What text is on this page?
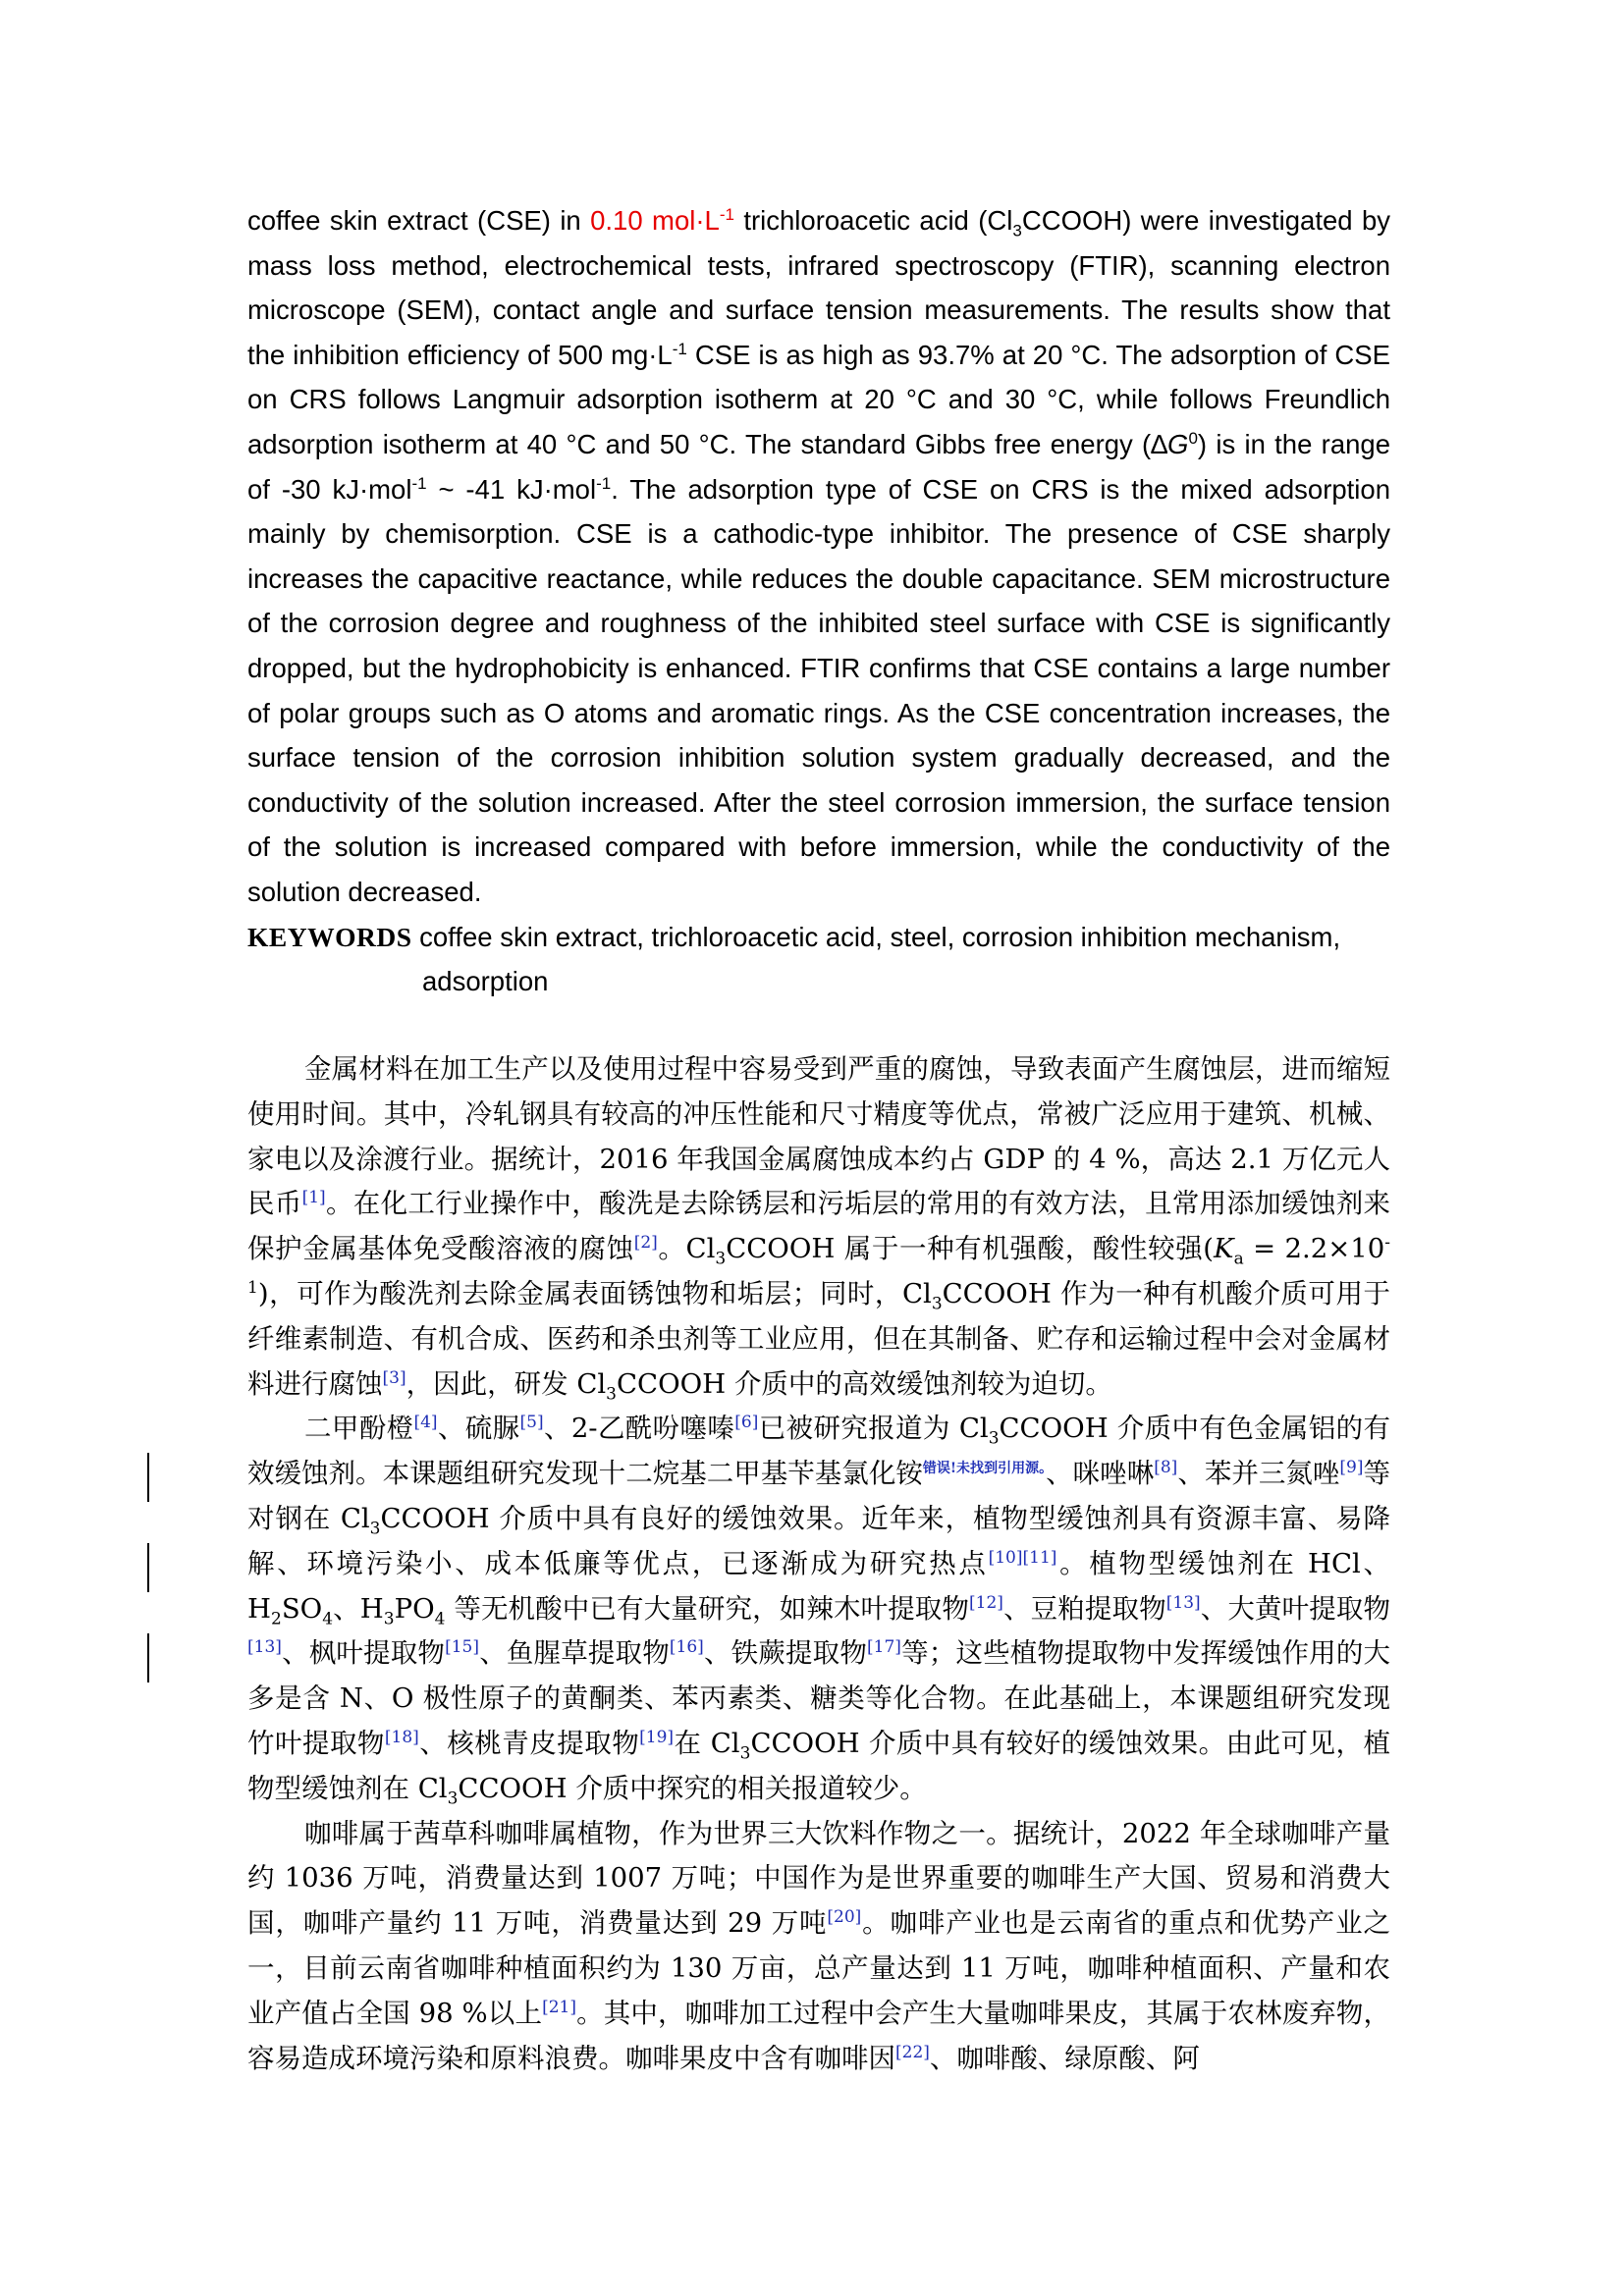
coffee skin extract (CSE) in 0.10 $mol\cdot L^{-1}$ trichloroacetic acid $(Cl_3CCOOH)$ were investigated by mass loss method, electrochemical tests, infrared spectroscopy (FTIR), scanning electron microscope (SEM), contact angle and surface tension measurements. The results show that the inhibition efficiency of 500 $mg\cdot L^{-1}$ CSE is as high as 93.7% at 20 °C. The adsorption of CSE on CRS follows Langmuir adsorption isotherm at 20 °C and 30 °C, while follows Freundlich adsorption isotherm at 40 °C and 50 °C. The standard Gibbs free energy $(\Delta G^0)$ is in the range of -30 kJ·mol$^{-1}$ ~ -41 kJ·mol$^{-1}$. The adsorption type of CSE on CRS is the mixed adsorption mainly by chemisorption. CSE is a cathodic-type inhibitor. The presence of CSE sharply increases the capacitive reactance, while reduces the double capacitance. SEM microstructure of the corrosion degree and roughness of the inhibited steel surface with CSE is significantly dropped, but the hydrophobicity is enhanced. FTIR confirms that CSE contains a large number of polar groups such as O atoms and aromatic rings. As the CSE concentration increases, the surface tension of the corrosion inhibition solution system gradually decreased, and the conductivity of the solution increased. After the steel corrosion immersion, the surface tension of the solution is increased compared with before immersion, while the conductivity of the solution decreased.

KEYWORDS coffee skin extract, trichloroacetic acid, steel, corrosion inhibition mechanism,
adsorption

金属材料在加工生产以及使用过程中容易受到严重的腐蚀，导致表面产生腐蚀层，进而缩短使用时间。其中，冷轧钢具有较高的冲压性能和尺寸精度等优点，常被广泛应用于建筑、机械、家电以及涂渡行业。据统计，2016 年我国金属腐蚀成本约占 GDP 的 4 %，高达 2.1 万亿元人民币[1]。在化工行业操作中，酸洗是去除锈层和污垢层的常用的有效方法，且常用添加缓蚀剂来保护金属基体免受酸溶液的腐蚀[2]。$Cl_3CCOOH$ 属于一种有机强酸，酸性较强$(K_a = 2.2\times 10^{-1})$，可作为酸洗剂去除金属表面锈蚀物和垢层；同时，$Cl_3CCOOH$ 作为一种有机酸介质可用于纤维素制造、有机合成、医药和杀虫剂等工业应用，但在其制备、贮存和运输过程中会对金属材料进行腐蚀[3]，因此，研发 $Cl_3CCOOH$ 介质中的高效缓蚀剂较为迫切。

二甲酚橙[4]、硫脲[5]、2-乙酰吩噻嗪[6]已被研究报道为 $Cl_3CCOOH$ 介质中有色金属铝的有效缓蚀剂。本课题组研究发现十二烷基二甲基苄基氯化铵$^{错误!未找到引用源。}$、咪唑啉[8]、苯并三氮唑[9]等对钢在 $Cl_3CCOOH$ 介质中具有良好的缓蚀效果。近年来，植物型缓蚀剂具有资源丰富、易降解、环境污染小、成本低廉等优点，已逐渐成为研究热点[10][11]。植物型缓蚀剂在 HCl、$H_2SO_4$、$H_3PO_4$ 等无机酸中已有大量研究，如辣木叶提取物[12]、豆粕提取物[13]、大黄叶提取物[13]、枫叶提取物[15]、鱼腥草提取物[16]、铁蕨提取物[17]等；这些植物提取物中发挥缓蚀作用的大多是含 N、O 极性原子的黄酮类、苯丙素类、糖类等化合物。在此基础上，本课题组研究发现竹叶提取物[18]、核桃青皮提取物[19]在 $Cl_3CCOOH$ 介质中具有较好的缓蚀效果。由此可见，植物型缓蚀剂在 $Cl_3CCOOH$ 介质中探究的相关报道较少。

咖啡属于茜草科咖啡属植物，作为世界三大饮料作物之一。据统计，2022 年全球咖啡产量约 1036 万吨，消费量达到 1007 万吨；中国作为是世界重要的咖啡生产大国、贸易和消费大国，咖啡产量约 11 万吨，消费量达到 29 万吨[20]。咖啡产业也是云南省的重点和优势产业之一，目前云南省咖啡种植面积约为 130 万亩，总产量达到 11 万吨，咖啡种植面积、产量和农业产值占全国 98 %以上[21]。其中，咖啡加工过程中会产生大量咖啡果皮，其属于农林废弃物，容易造成环境污染和原料浪费。咖啡果皮中含有咖啡因[22]、咖啡酸、绿原酸、阿
